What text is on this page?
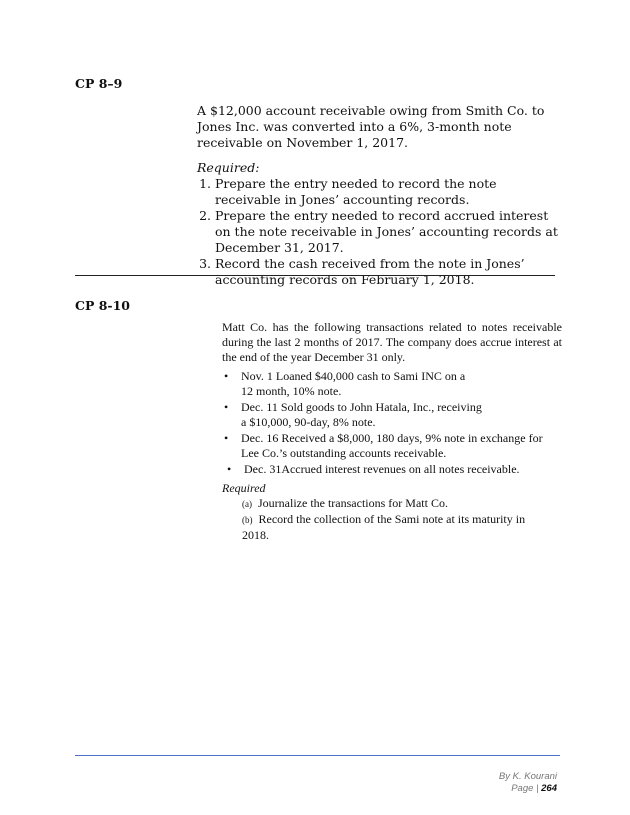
CP 8–9
A $12,000 account receivable owing from Smith Co. to Jones Inc. was converted into a 6%, 3-month note receivable on November 1, 2017.
Required:
1. Prepare the entry needed to record the note receivable in Jones’ accounting records.
2. Prepare the entry needed to record accrued interest on the note receivable in Jones’ accounting records at December 31, 2017.
3. Record the cash received from the note in Jones’ accounting records on February 1, 2018.
CP 8-10
Matt Co. has the following transactions related to notes receivable during the last 2 months of 2017. The company does accrue interest at the end of the year December 31 only.
• Nov. 1 Loaned $40,000 cash to Sami INC on a
12 month, 10% note.
• Dec. 11 Sold goods to John Hatala, Inc., receiving
a $10,000, 90-day, 8% note.
• Dec. 16 Received a $8,000, 180 days, 9% note in exchange for
Lee Co.’s outstanding accounts receivable.
• Dec. 31Accrued interest revenues on all notes receivable.
Required
(a) Journalize the transactions for Matt Co.
(b) Record the collection of the Sami note at its maturity in
2018.
By K. Kourani
Page | 264
